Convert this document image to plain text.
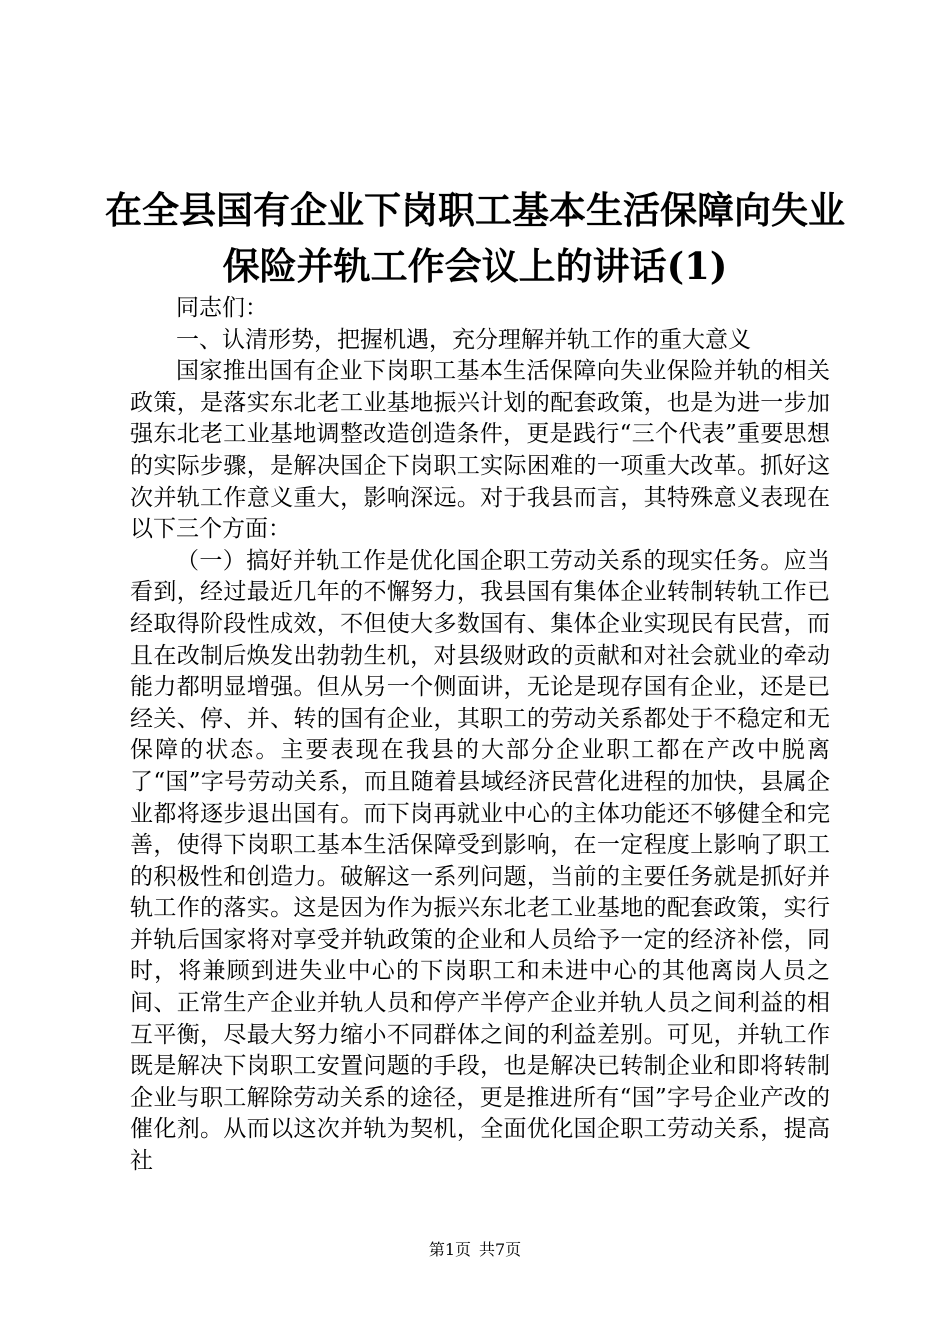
在全县国有企业下岗职工基本生活保障向失业
保险并轨工作会议上的讲话(1)

同志们：

一、认清形势，把握机遇，充分理解并轨工作的重大意义

国家推出国有企业下岗职工基本生活保障向失业保险并轨的相关政策，是落实东北老工业基地振兴计划的配套政策，也是为进一步加强东北老工业基地调整改造创造条件，更是践行“三个代表”重要思想的实际步骤，是解决国企下岗职工实际困难的一项重大改革。抓好这次并轨工作意义重大，影响深远。对于我县而言，其特殊意义表现在以下三个方面：

（一）搞好并轨工作是优化国企职工劳动关系的现实任务。应当看到，经过最近几年的不懈努力，我县国有集体企业转制转轨工作已经取得阶段性成效，不但使大多数国有、集体企业实现民有民营，而且在改制后焕发出勃勃生机，对县级财政的贡献和对社会就业的牵动能力都明显增强。但从另一个侧面讲，无论是现存国有企业，还是已经关、停、并、转的国有企业，其职工的劳动关系都处于不稳定和无保障的状态。主要表现在我县的大部分企业职工都在产改中脱离了“国”字号劳动关系，而且随着县域经济民营化进程的加快，县属企业都将逐步退出国有。而下岗再就业中心的主体功能还不够健全和完善，使得下岗职工基本生活保障受到影响，在一定程度上影响了职工的积极性和创造力。破解这一系列问题，当前的主要任务就是抓好并轨工作的落实。这是因为作为振兴东北老工业基地的配套政策，实行并轨后国家将对享受并轨政策的企业和人员给予一定的经济补偿，同时，将兼顾到进失业中心的下岗职工和未进中心的其他离岗人员之间、正常生产企业并轨人员和停产半停产企业并轨人员之间利益的相互平衡，尽最大努力缩小不同群体之间的利益差别。可见，并轨工作既是解决下岗职工安置问题的手段，也是解决已转制企业和即将转制企业与职工解除劳动关系的途径，更是推进所有“国”字号企业产改的催化剂。从而以这次并轨为契机，全面优化国企职工劳动关系，提高社

第1页 共7页
